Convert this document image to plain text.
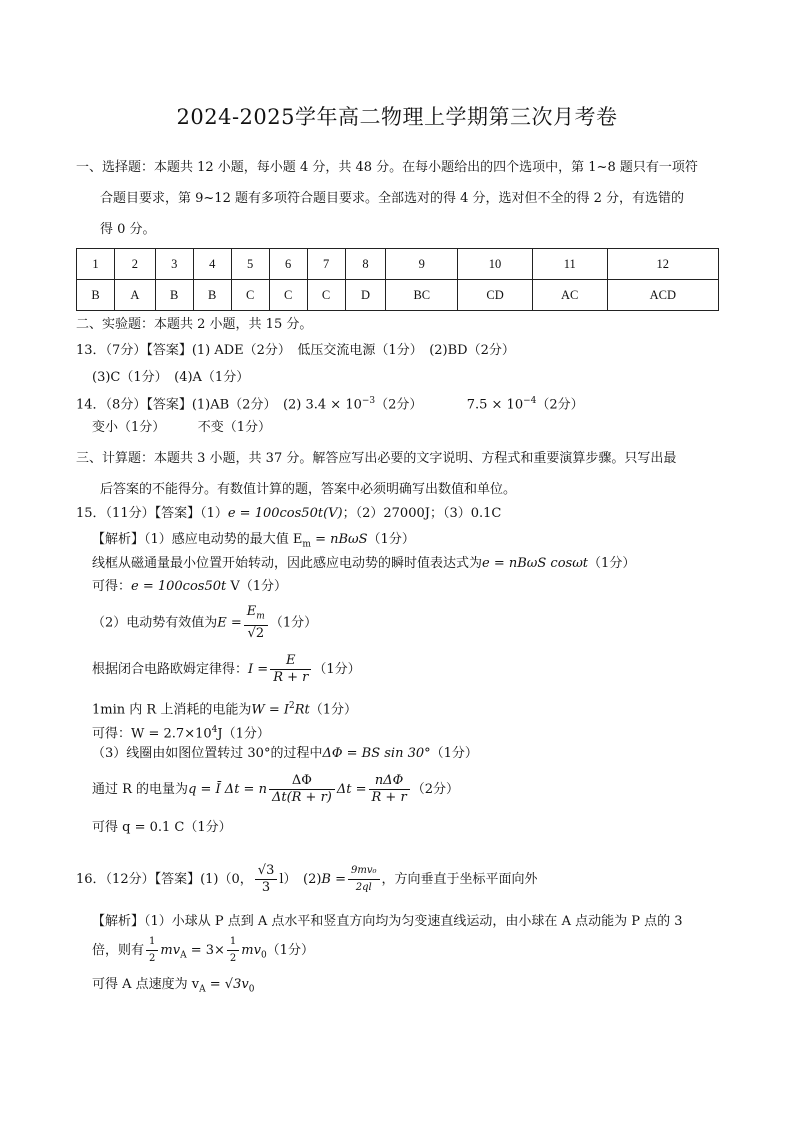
2024-2025学年高二物理上学期第三次月考卷
一、选择题：本题共 12 小题，每小题 4 分，共 48 分。在每小题给出的四个选项中，第 1~8 题只有一项符
合题目要求，第 9~12 题有多项符合题目要求。全部选对的得 4 分，选对但不全的得 2 分，有选错的
得 0 分。
1	2	3	4	5	6	7	8	9	10	11	12
B	A	B	B	C	C	C	D	BC	CD	AC	ACD
二、实验题：本题共 2 小题，共 15 分。
13．（7分）【答案】(1) ADE（2分）　低压交流电源（1分）　(2)BD（2分）
(3)C（1分）　(4)A（1分）
14．（8分）【答案】(1)AB（2分）　(2) $3.4 \times 10^{-3}(2$分）	$7.5 \times 10^{-4}(2$分）
变小（1分）　　　不变（1分）
三、计算题：本题共 3 小题，共 37 分。解答应写出必要的文字说明、方程式和重要演算步骤。只写出最
后答案的不能得分。有数值计算的题，答案中必须明确写出数值和单位。
15．（11分）【答案】（1）e = 100cos50t(V)；（2）27000J；（3）0.1C
【解析】（1）感应电动势的最大值 $E_m = nB\omega S(1$分）
线框从磁通量最小位置开始转动，因此感应电动势的瞬时值表达式为e = nBωS cosωt（1分）
可得：e = 100cos50t V（1分）
（2）电动势有效值为$E = \frac{E_m}{√2} (1$分）
根据闭合电路欧姆定律得：$I = \frac{E}{R + r} (1$分）
1min 内 R 上消耗的电能为$W = I^2Rt(1$分）
可得：$W = 2.7\times 10^4J(1$分）
（3）线圈由如图位置转过 30°的过程中ΔΦ = BS sin 30°（1分）
通过 R 的电量为q = Ī Δt = n $\frac{\Delta\Phi}{\Delta t(R + r)}$ $\Delta t = \frac{\text{nΔΦ}}{R + r} (2$分）
可得 q = 0.1 C（1分）
16．（12分）【答案】(1)（0， $\frac{√3}{3} l$）　$(2)B = \frac{\text{9mv₀}}{2ql}$ ，方向垂直于坐标平面向外
【解析】（1）小球从 P 点到 A 点水平和竖直方向均为匀变速直线运动，由小球在 A 点动能为 P 点的 3
倍，则有 $\frac{1}{2} mv_A = 3\times \frac{1}{2} mv_0(1$分）
可得 A 点速度为 $v_A = √3v_0$
